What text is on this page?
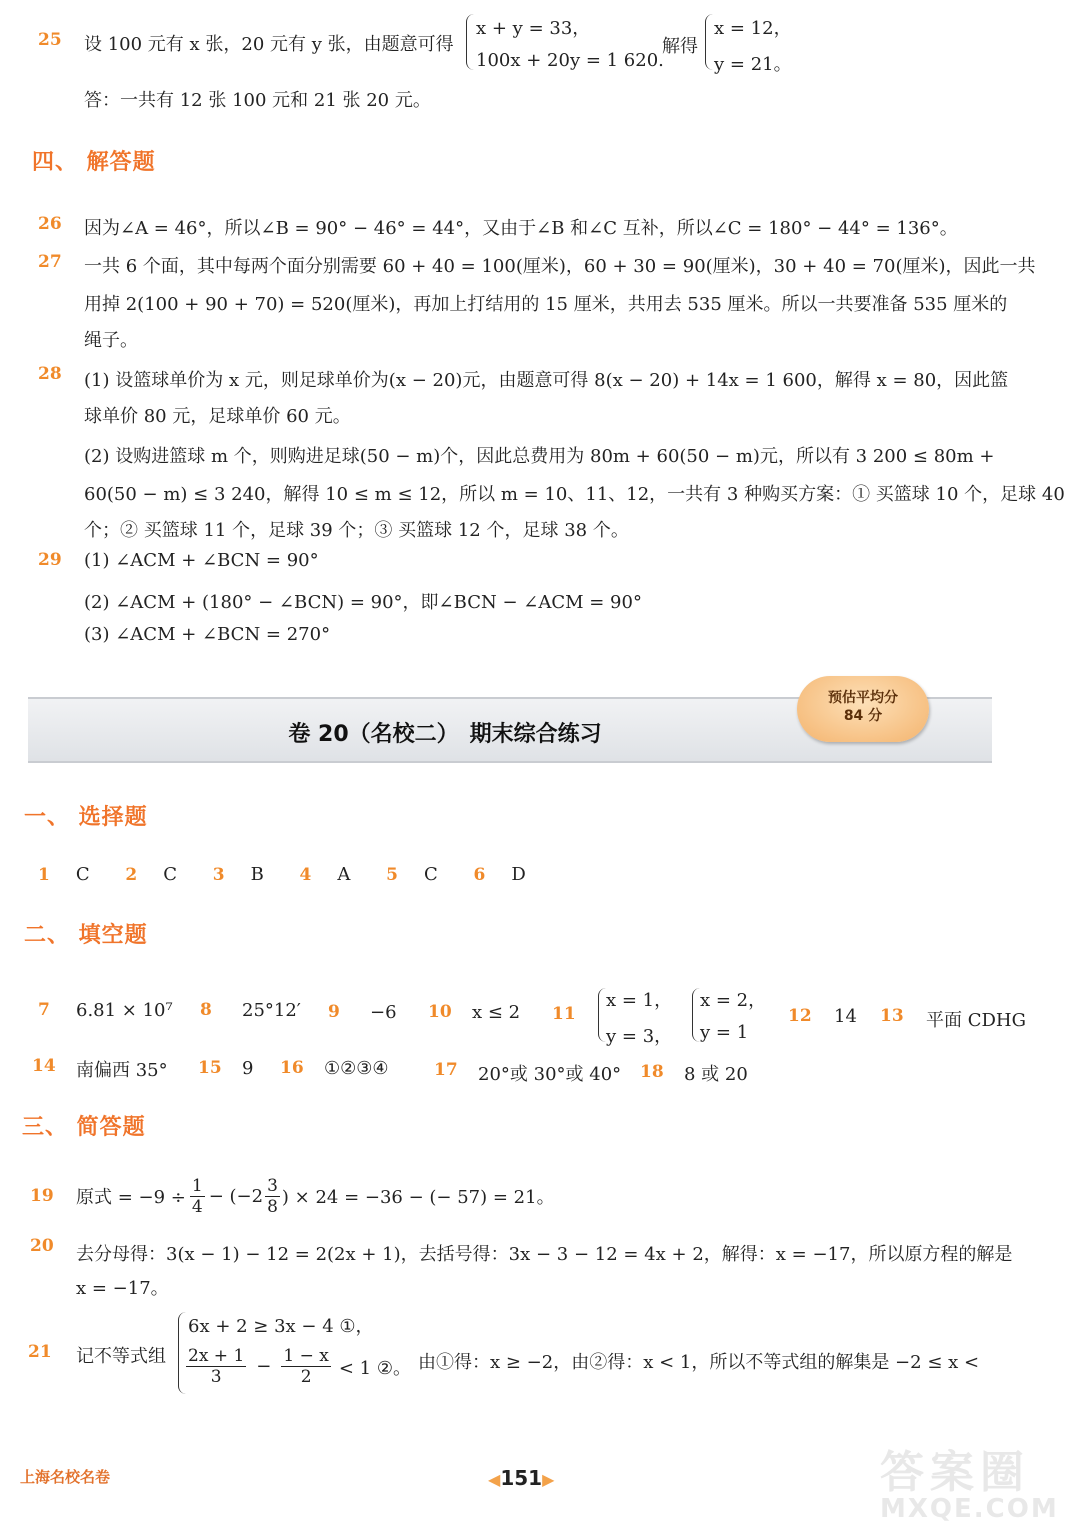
25 设 100 元有 x 张，20 元有 y 张，由题意可得
x + y = 33，
100x + 20y = 1 620.
解得
x = 12，
y = 21。
答：一共有 12 张 100 元和 21 张 20 元。
四、 解答题
26 因为∠A = 46°，所以∠B = 90° − 46° = 44°，又由于∠B 和∠C 互补，所以∠C = 180° − 44° = 136°。
27 一共 6 个面，其中每两个面分别需要 60 + 40 = 100(厘米)，60 + 30 = 90(厘米)，30 + 40 = 70(厘米)，因此一共
用掉 2(100 + 90 + 70) = 520(厘米)，再加上打结用的 15 厘米，共用去 535 厘米。所以一共要准备 535 厘米的
绳子。
28 (1) 设篮球单价为 x 元，则足球单价为(x − 20)元，由题意可得 8(x − 20) + 14x = 1 600，解得 x = 80，因此篮
球单价 80 元，足球单价 60 元。
(2) 设购进篮球 m 个，则购进足球(50 − m)个，因此总费用为 80m + 60(50 − m)元，所以有 3 200 ≤ 80m +
60(50 − m) ≤ 3 240，解得 10 ≤ m ≤ 12，所以 m = 10、11、12，一共有 3 种购买方案：① 买篮球 10 个，足球 40
个；② 买篮球 11 个，足球 39 个；③ 买篮球 12 个，足球 38 个。
29 (1) ∠ACM + ∠BCN = 90°
(2) ∠ACM + (180° − ∠BCN) = 90°，即∠BCN − ∠ACM = 90°
(3) ∠ACM + ∠BCN = 270°
卷 20（名校二）　期末综合练习
预估平均分
84 分
一、 选择题
1 C 2 C 3 B 4 A 5 C 6 D
二、 填空题
7 6.81 × 10⁷ 8 25°12′ 9 −6 10 x ≤ 2 11
x = 1，
y = 3，
x = 2，
y = 1
12 14 13 平面 CDHG
14 南偏西 35° 15 9 16 ①②③④	17 20°或 30°或 40° 18 8 或 20
三、 简答题
19 原式 = $-9 \div \frac{1}{4} - (-2 \frac{3}{8}$ ) × 24 = −36 − (− 57) = 21。
20 去分母得：3(x − 1) − 12 = 2(2x + 1)，去括号得：3x − 3 − 12 = 4x + 2，解得：x = −17，所以原方程的解是
x = −17。
21 记不等式组
6x + 2 ≥ 3x − 4 ①，
$\frac{2x + 1}{3} - \frac{1 - x}{2} < 1$ ②。 由①得：x ≥ −2，由②得：x < 1，所以不等式组的解集是 −2 ≤ x <
上海名校名卷	◀151▶	答案圈
MXQE.COM
